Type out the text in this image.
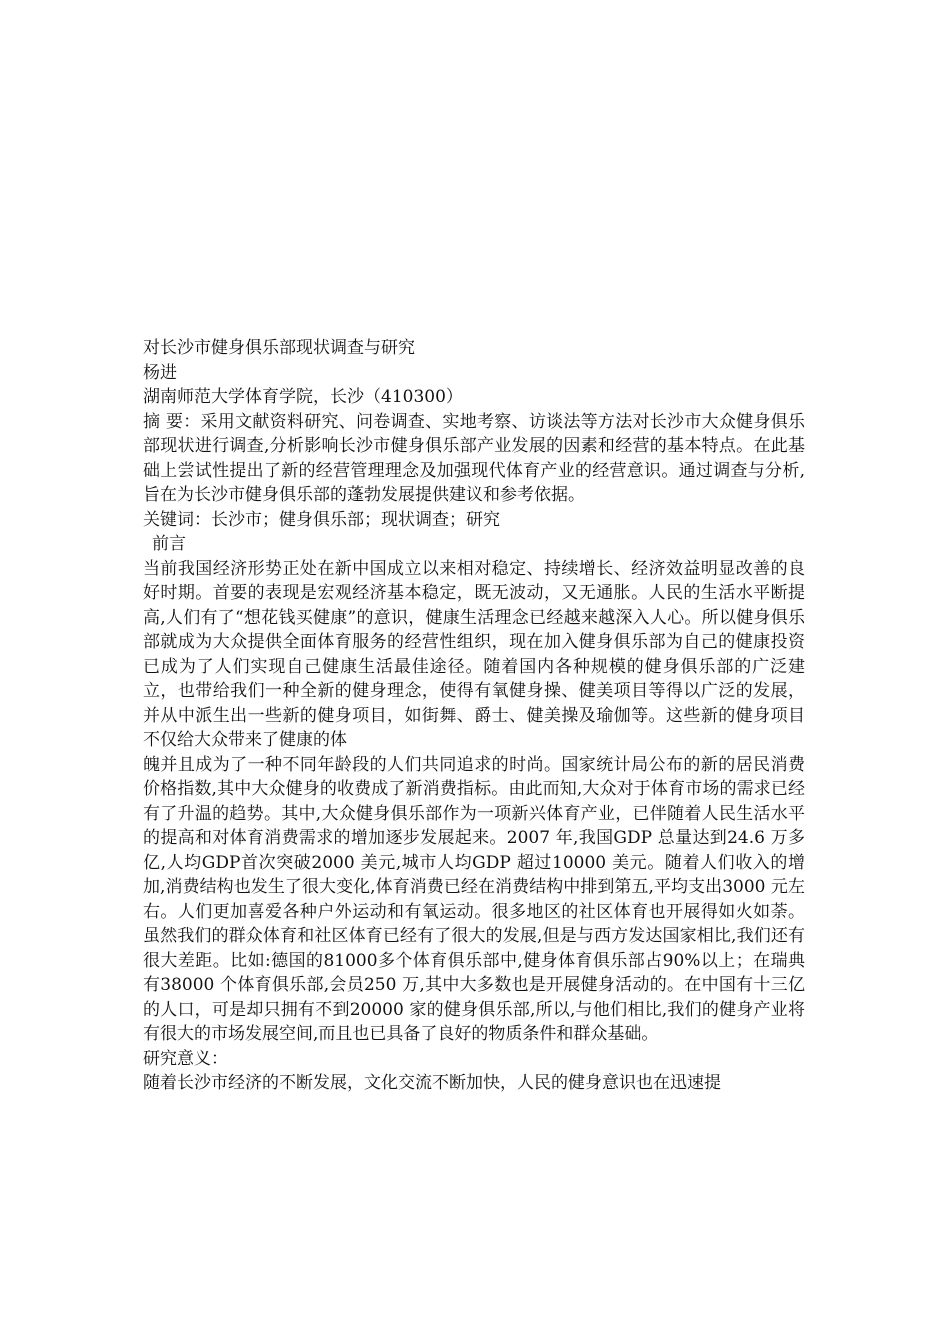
对长沙市健身俱乐部现状调查与研究
杨进
湖南师范大学体育学院，长沙（410300）
摘 要：采用文献资料研究、问卷调查、实地考察、访谈法等方法对长沙市大众健身俱乐部现状进行调查,分析影响长沙市健身俱乐部产业发展的因素和经营的基本特点。在此基础上尝试性提出了新的经营管理理念及加强现代体育产业的经营意识。通过调查与分析,旨在为长沙市健身俱乐部的蓬勃发展提供建议和参考依据。
关键词：长沙市；健身俱乐部；现状调查；研究
前言
当前我国经济形势正处在新中国成立以来相对稳定、持续增长、经济效益明显改善的良好时期。首要的表现是宏观经济基本稳定，既无波动，又无通胀。人民的生活水平断提高,人们有了“想花钱买健康”的意识，健康生活理念已经越来越深入人心。所以健身俱乐部就成为大众提供全面体育服务的经营性组织，现在加入健身俱乐部为自己的健康投资已成为了人们实现自己健康生活最佳途径。随着国内各种规模的健身俱乐部的广泛建立，也带给我们一种全新的健身理念，使得有氧健身操、健美项目等得以广泛的发展，并从中派生出一些新的健身项目，如街舞、爵士、健美操及瑜伽等。这些新的健身项目不仅给大众带来了健康的体
魄并且成为了一种不同年龄段的人们共同追求的时尚。国家统计局公布的新的居民消费价格指数,其中大众健身的收费成了新消费指标。由此而知,大众对于体育市场的需求已经有了升温的趋势。其中,大众健身俱乐部作为一项新兴体育产业，已伴随着人民生活水平的提高和对体育消费需求的增加逐步发展起来。2007 年,我国GDP 总量达到24.6 万多亿,人均GDP首次突破2000 美元,城市人均GDP 超过10000 美元。随着人们收入的增加,消费结构也发生了很大变化,体育消费已经在消费结构中排到第五,平均支出3000 元左右。人们更加喜爱各种户外运动和有氧运动。很多地区的社区体育也开展得如火如荼。虽然我们的群众体育和社区体育已经有了很大的发展,但是与西方发达国家相比,我们还有很大差距。比如:德国的81000多个体育俱乐部中,健身体育俱乐部占90%以上；在瑞典有38000 个体育俱乐部,会员250 万,其中大多数也是开展健身活动的。在中国有十三亿的人口，可是却只拥有不到20000 家的健身俱乐部,所以,与他们相比,我们的健身产业将有很大的市场发展空间,而且也已具备了良好的物质条件和群众基础。
研究意义：
随着长沙市经济的不断发展，文化交流不断加快，人民的健身意识也在迅速提
